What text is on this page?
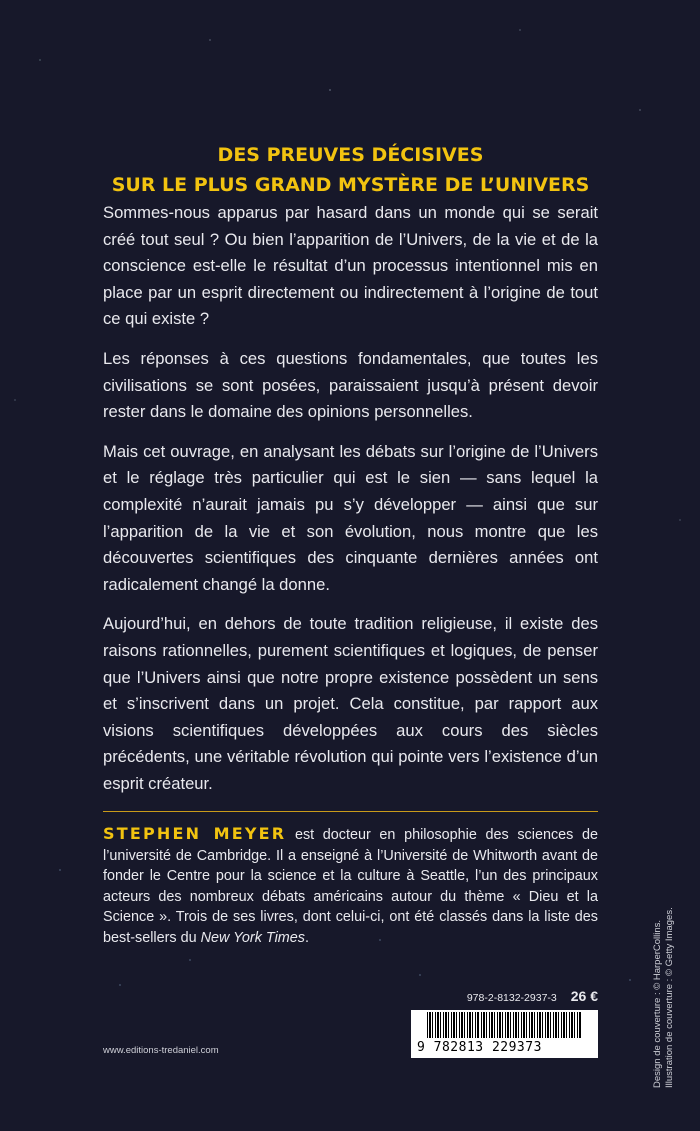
DES PREUVES DÉCISIVES
SUR LE PLUS GRAND MYSTÈRE DE L’UNIVERS

Sommes-nous apparus par hasard dans un monde qui se serait créé tout seul ? Ou bien l’apparition de l’Univers, de la vie et de la conscience est-elle le résultat d’un processus intentionnel mis en place par un esprit directement ou indirectement à l’origine de tout ce qui existe ?

Les réponses à ces questions fondamentales, que toutes les civilisations se sont posées, paraissaient jusqu’à présent devoir rester dans le domaine des opinions personnelles.

Mais cet ouvrage, en analysant les débats sur l’origine de l’Univers et le réglage très particulier qui est le sien — sans lequel la complexité n’aurait jamais pu s’y développer — ainsi que sur l’apparition de la vie et son évolution, nous montre que les découvertes scientifiques des cinquante dernières années ont radicalement changé la donne.

Aujourd’hui, en dehors de toute tradition religieuse, il existe des raisons rationnelles, purement scientifiques et logiques, de penser que l’Univers ainsi que notre propre existence possèdent un sens et s’inscrivent dans un projet. Cela constitue, par rapport aux visions scientifiques développées aux cours des siècles précédents, une véritable révolution qui pointe vers l’existence d’un esprit créateur.

STEPHEN MEYER est docteur en philosophie des sciences de l’université de Cambridge. Il a enseigné à l’Université de Whitworth avant de fonder le Centre pour la science et la culture à Seattle, l’un des principaux acteurs des nombreux débats américains autour du thème « Dieu et la Science ». Trois de ses livres, dont celui-ci, ont été classés dans la liste des best-sellers du New York Times.

www.editions-tredaniel.com
978-2-8132-2937-3 26 €
9 782813 229373	Design de couverture : © HarperCollins. Illustration de couverture : © Getty Images.
